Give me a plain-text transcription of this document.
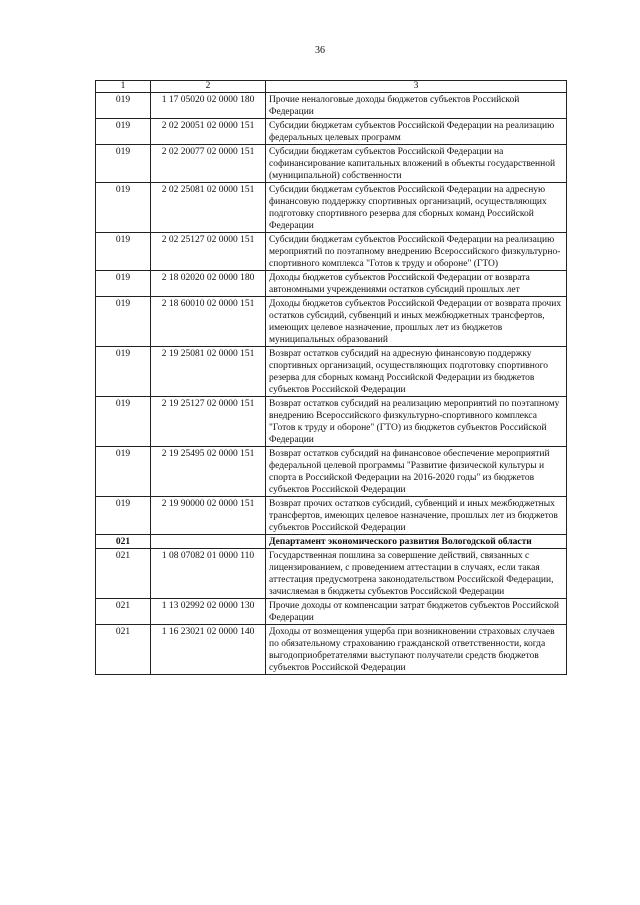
36
1	2	3
019	1 17 05020 02 0000 180	Прочие неналоговые доходы бюджетов субъектов Российской Федерации
019	2 02 20051 02 0000 151	Субсидии бюджетам субъектов Российской Федерации на реализацию федеральных целевых программ
019	2 02 20077 02 0000 151	Субсидии бюджетам субъектов Российской Федерации на софинансирование капитальных вложений в объекты государственной (муниципальной) собственности
019	2 02 25081 02 0000 151	Субсидии бюджетам субъектов Российской Федерации на адресную финансовую поддержку спортивных организаций, осуществляющих подготовку спортивного резерва для сборных команд Российской Федерации
019	2 02 25127 02 0000 151	Субсидии бюджетам субъектов Российской Федерации на реализацию мероприятий по поэтапному внедрению Всероссийского физкультурно-спортивного комплекса "Готов к труду и обороне" (ГТО)
019	2 18 02020 02 0000 180	Доходы бюджетов субъектов Российской Федерации от возврата автономными учреждениями остатков субсидий прошлых лет
019	2 18 60010 02 0000 151	Доходы бюджетов субъектов Российской Федерации от возврата прочих остатков субсидий, субвенций и иных межбюджетных трансфертов, имеющих целевое назначение, прошлых лет из бюджетов муниципальных образований
019	2 19 25081 02 0000 151	Возврат остатков субсидий на адресную финансовую поддержку спортивных организаций, осуществляющих подготовку спортивного резерва для сборных команд Российской Федерации из бюджетов субъектов Российской Федерации
019	2 19 25127 02 0000 151	Возврат остатков субсидий на реализацию мероприятий по поэтапному внедрению Всероссийского физкультурно-спортивного комплекса "Готов к труду и обороне" (ГТО) из бюджетов субъектов Российской Федерации
019	2 19 25495 02 0000 151	Возврат остатков субсидий на финансовое обеспечение мероприятий федеральной целевой программы "Развитие физической культуры и спорта в Российской Федерации на 2016-2020 годы" из бюджетов субъектов Российской Федерации
019	2 19 90000 02 0000 151	Возврат прочих остатков субсидий, субвенций и иных межбюджетных трансфертов, имеющих целевое назначение, прошлых лет из бюджетов субъектов Российской Федерации
021		Департамент экономического развития Вологодской области
021	1 08 07082 01 0000 110	Государственная пошлина за совершение действий, связанных с лицензированием, с проведением аттестации в случаях, если такая аттестация предусмотрена законодательством Российской Федерации, зачисляемая в бюджеты субъектов Российской Федерации
021	1 13 02992 02 0000 130	Прочие доходы от компенсации затрат бюджетов субъектов Российской Федерации
021	1 16 23021 02 0000 140	Доходы от возмещения ущерба при возникновении страховых случаев по обязательному страхованию гражданской ответственности, когда выгодоприобретателями выступают получатели средств бюджетов субъектов Российской Федерации
